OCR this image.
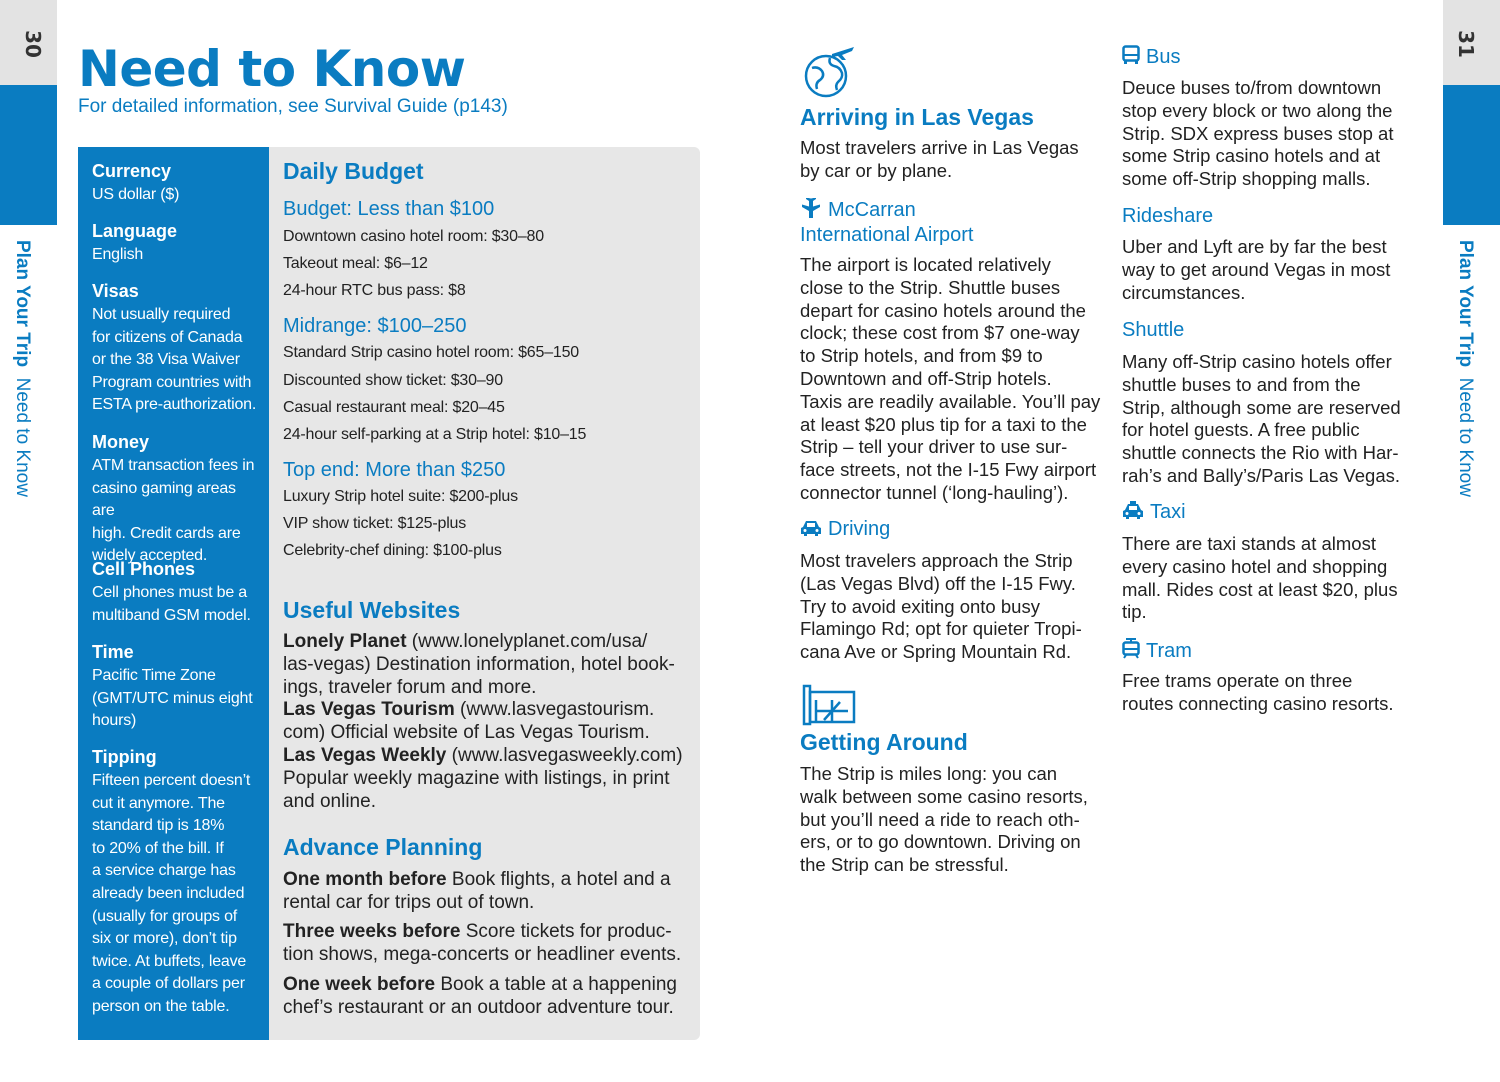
30
Plan Your Trip  Need to Know
31
Plan Your Trip  Need to Know
Need to Know
For detailed information, see Survival Guide (p143)
Currency

US dollar ($)

Language

English

Visas

Not usually required
for citizens of Canada
or the 38 Visa Waiver
Program countries with
ESTA pre-authorization.

Money

ATM transaction fees in
casino gaming areas are
high. Credit cards are
widely accepted.

Cell Phones

Cell phones must be a
multiband GSM model.

Time

Pacific Time Zone
(GMT/UTC minus eight
hours)

Tipping

Fifteen percent doesn’t
cut it anymore. The
standard tip is 18%
to 20% of the bill. If
a service charge has
already been included
(usually for groups of
six or more), don’t tip
twice. At buffets, leave
a couple of dollars per
person on the table.

Daily Budget
Budget: Less than $100
Downtown casino hotel room: $30–80
Takeout meal: $6–12
24-hour RTC bus pass: $8
Midrange: $100–250
Standard Strip casino hotel room: $65–150
Discounted show ticket: $30–90
Casual restaurant meal: $20–45
24-hour self-parking at a Strip hotel: $10–15
Top end: More than $250
Luxury Strip hotel suite: $200-plus
VIP show ticket: $125-plus
Celebrity-chef dining: $100-plus
Useful Websites
Lonely Planet (www.lonelyplanet.com/usa/
las-vegas) Destination information, hotel book-
ings, traveler forum and more.
Las Vegas Tourism (www.lasvegastourism.
com) Official website of Las Vegas Tourism.
Las Vegas Weekly (www.lasvegasweekly.com)
Popular weekly magazine with listings, in print
and online.
Advance Planning
One month before Book flights, a hotel and a
rental car for trips out of town.
Three weeks before Score tickets for produc-
tion shows, mega-concerts or headliner events.
One week before Book a table at a happening
chef’s restaurant or an outdoor adventure tour.
Arriving in Las Vegas
Most travelers arrive in Las Vegas
by car or by plane.
McCarran
International Airport
The airport is located relatively
close to the Strip. Shuttle buses
depart for casino hotels around the
clock; these cost from $7 one-way
to Strip hotels, and from $9 to
Downtown and off-Strip hotels.
Taxis are readily available. You’ll pay
at least $20 plus tip for a taxi to the
Strip – tell your driver to use sur-
face streets, not the I-15 Fwy airport
connector tunnel (‘long-hauling’).
Driving
Most travelers approach the Strip
(Las Vegas Blvd) off the I-15 Fwy.
Try to avoid exiting onto busy
Flamingo Rd; opt for quieter Tropi-
cana Ave or Spring Mountain Rd.
Getting Around
The Strip is miles long: you can
walk between some casino resorts,
but you’ll need a ride to reach oth-
ers, or to go downtown. Driving on
the Strip can be stressful.
Bus
Deuce buses to/from downtown
stop every block or two along the
Strip. SDX express buses stop at
some Strip casino hotels and at
some off-Strip shopping malls.
Rideshare
Uber and Lyft are by far the best
way to get around Vegas in most
circumstances.
Shuttle
Many off-Strip casino hotels offer
shuttle buses to and from the
Strip, although some are reserved
for hotel guests. A free public
shuttle connects the Rio with Har-
rah’s and Bally’s/Paris Las Vegas.
Taxi
There are taxi stands at almost
every casino hotel and shopping
mall. Rides cost at least $20, plus
tip.
Tram
Free trams operate on three
routes connecting casino resorts.
